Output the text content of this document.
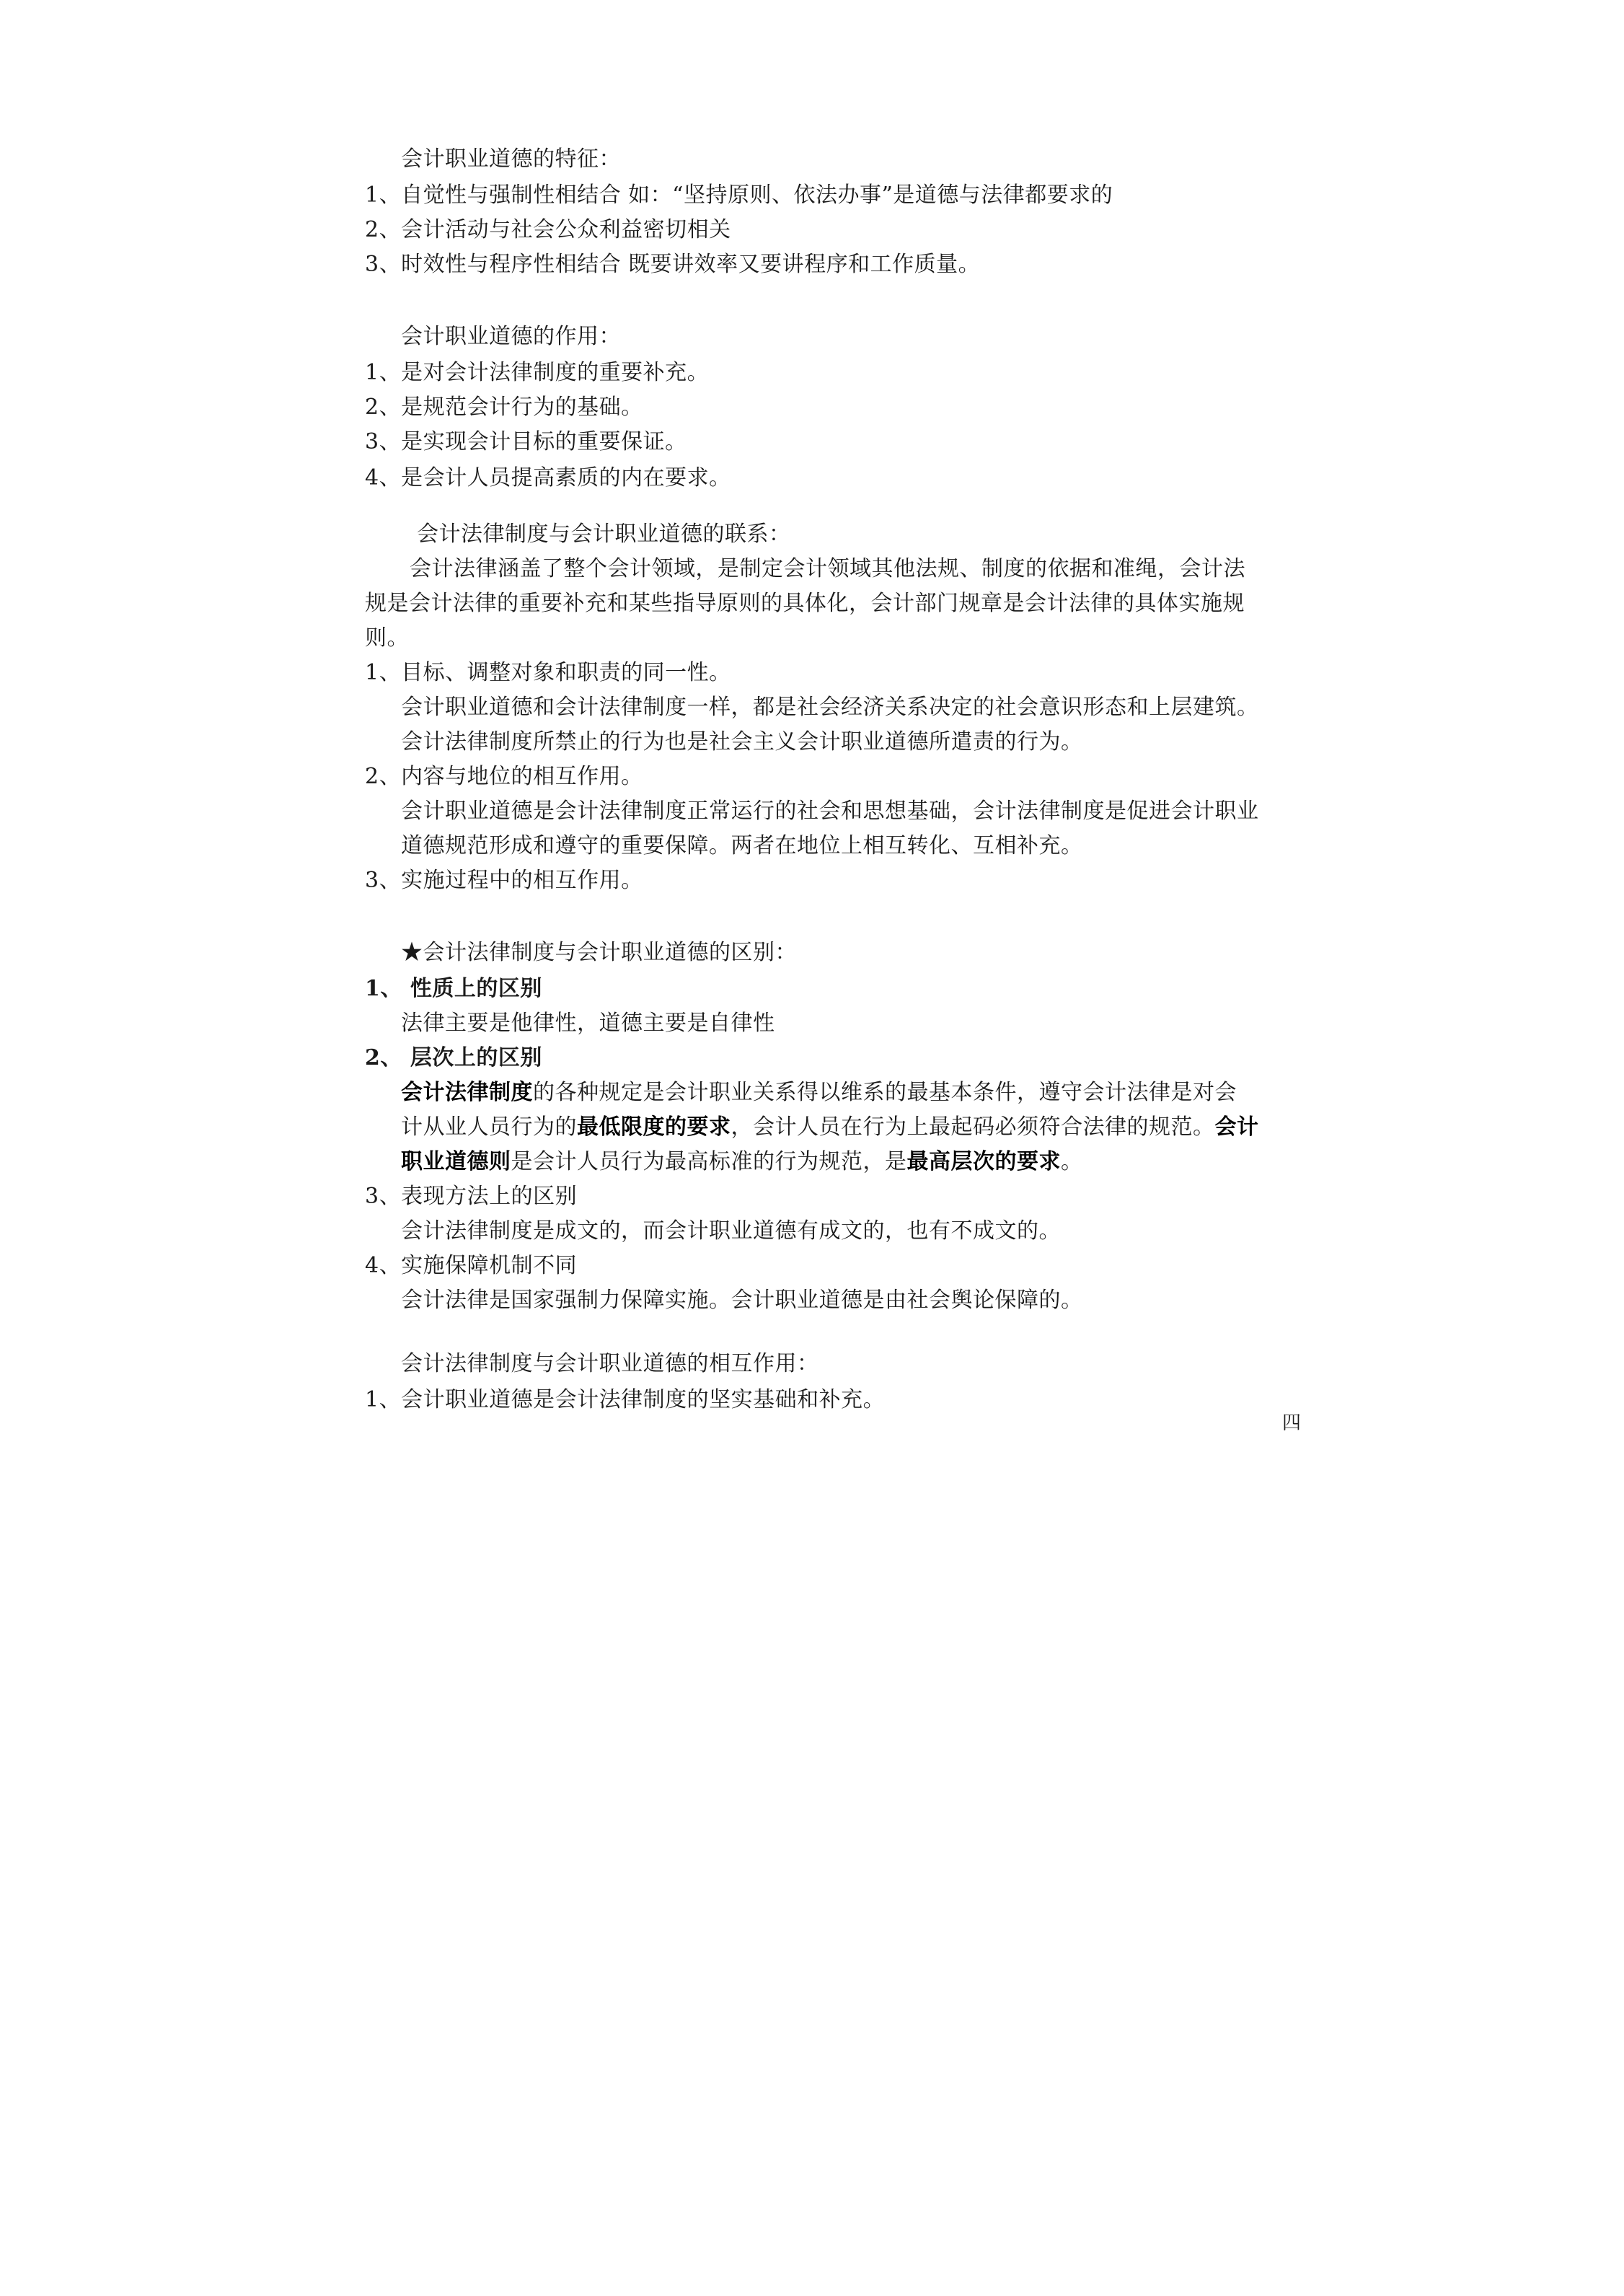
会计职业道德的特征：
1、自觉性与强制性相结合 如：“坚持原则、依法办事”是道德与法律都要求的
2、会计活动与社会公众利益密切相关
3、时效性与程序性相结合 既要讲效率又要讲程序和工作质量。
会计职业道德的作用：
1、是对会计法律制度的重要补充。
2、是规范会计行为的基础。
3、是实现会计目标的重要保证。
4、是会计人员提高素质的内在要求。
会计法律制度与会计职业道德的联系：
会计法律涵盖了整个会计领域，是制定会计领域其他法规、制度的依据和准绳，会计法
规是会计法律的重要补充和某些指导原则的具体化，会计部门规章是会计法律的具体实施规
则。
1、目标、调整对象和职责的同一性。
会计职业道德和会计法律制度一样，都是社会经济关系决定的社会意识形态和上层建筑。
会计法律制度所禁止的行为也是社会主义会计职业道德所遣责的行为。
2、内容与地位的相互作用。
会计职业道德是会计法律制度正常运行的社会和思想基础，会计法律制度是促进会计职业
道德规范形成和遵守的重要保障。两者在地位上相互转化、互相补充。
3、实施过程中的相互作用。
★会计法律制度与会计职业道德的区别：
1、 性质上的区别
法律主要是他律性，道德主要是自律性
2、 层次上的区别
会计法律制度的各种规定是会计职业关系得以维系的最基本条件，遵守会计法律是对会
计从业人员行为的最低限度的要求，会计人员在行为上最起码必须符合法律的规范。会计
职业道德则是会计人员行为最高标准的行为规范，是最高层次的要求。
3、表现方法上的区别
会计法律制度是成文的，而会计职业道德有成文的，也有不成文的。
4、实施保障机制不同
会计法律是国家强制力保障实施。会计职业道德是由社会舆论保障的。
会计法律制度与会计职业道德的相互作用：
1、会计职业道德是会计法律制度的坚实基础和补充。
四
